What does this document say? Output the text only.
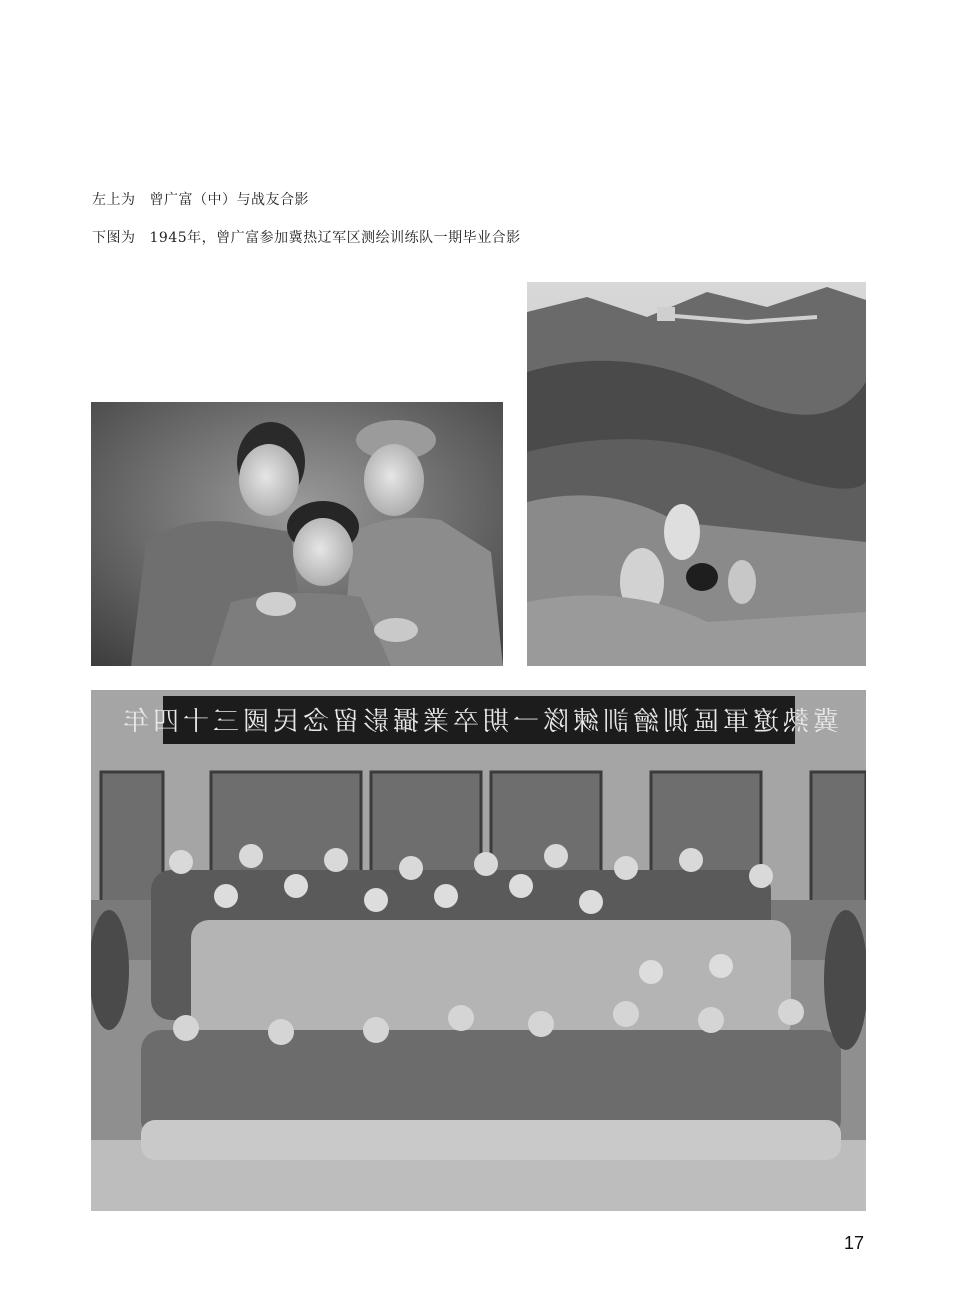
左上为 曾广富（中）与战友合影
下图为 1945年，曾广富参加冀热辽军区测绘训练队一期毕业合影
冀熱遼軍區測繪訓練隊一期卒業攝影留念民國三十四年
17
